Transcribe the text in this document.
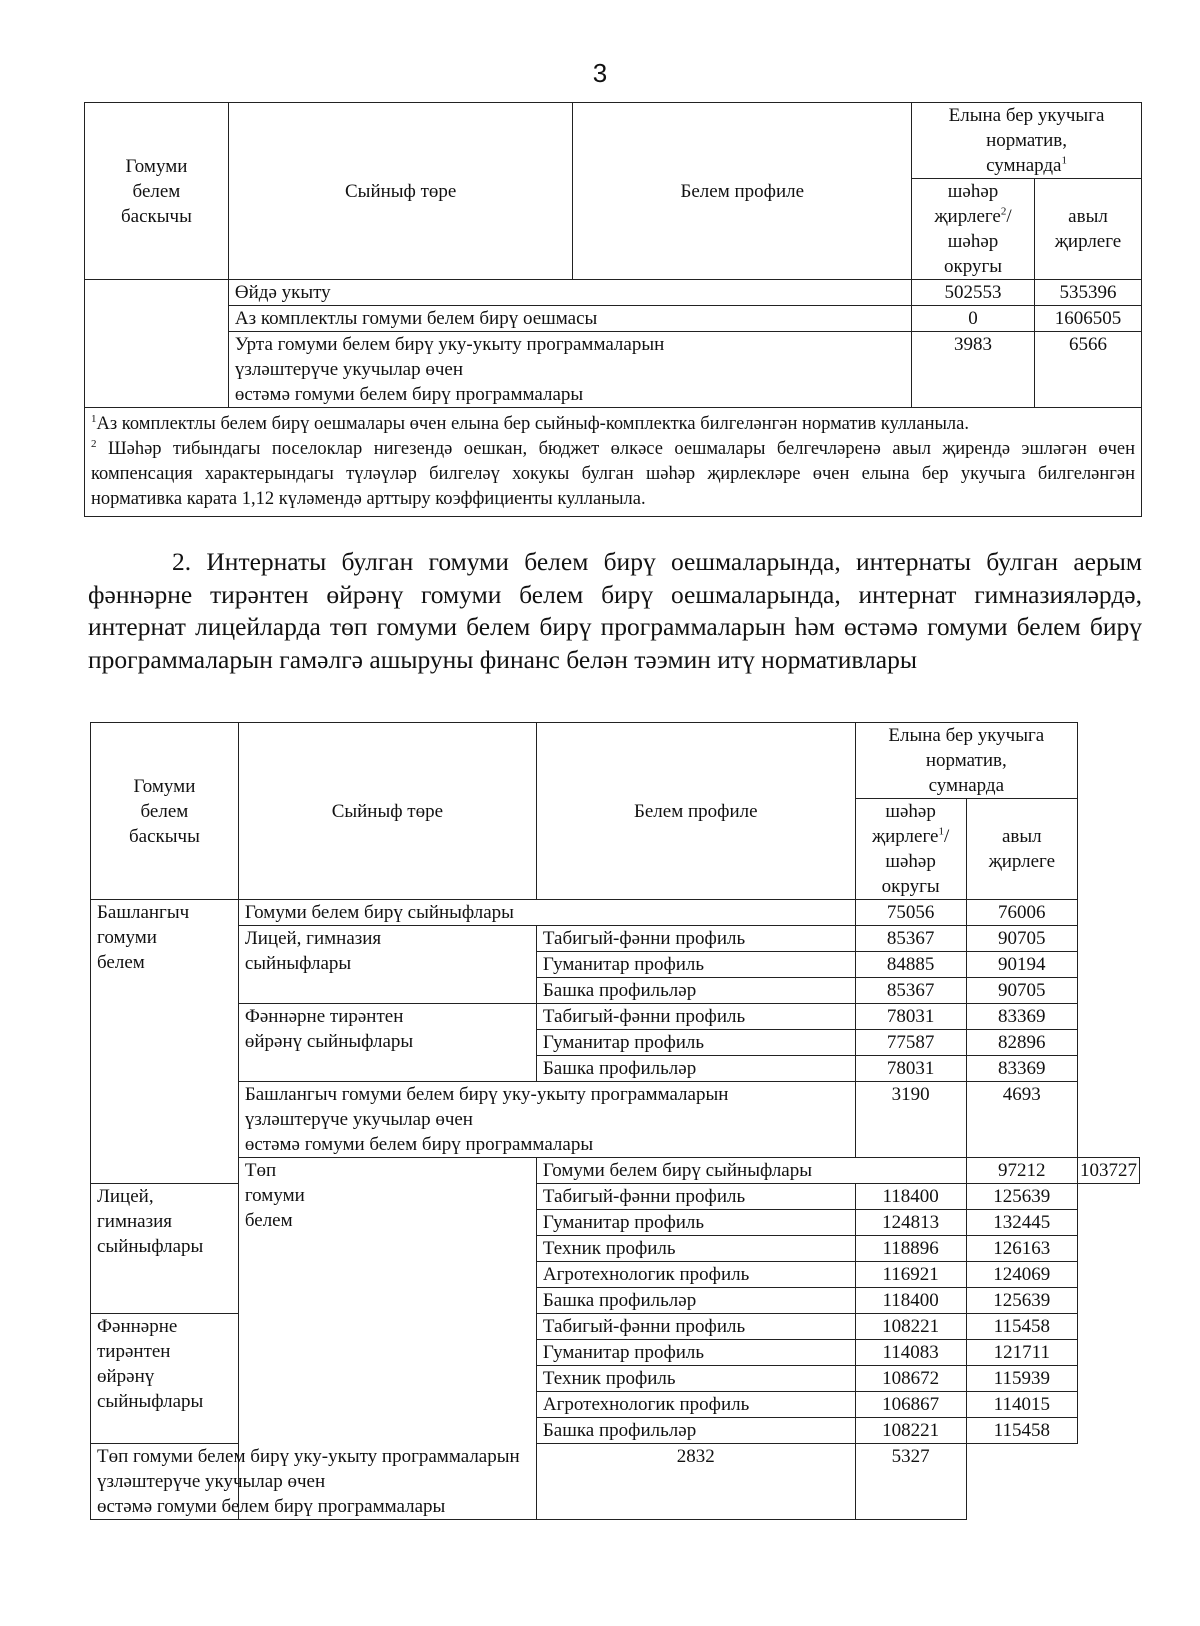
3
Гомуми
белем
баскычы	Сыйныф төре	Белем профиле	Елына бер укучыга
норматив,
сумнарда$^1$
			шәһәр
җирлеге$^2$/
шәһәр
округы	авыл
җирлеге
	Өйдә укыту		502553	535396
	Аз комплектлы гомуми белем бирү оешмасы		0	1606505
	Урта гомуми белем бирү уку-укыту программаларын
үзләштерүче укучылар өчен
өстәмә гомуми белем бирү программалары		3983	6566
$^1$Аз комплектлы белем бирү оешмалары өчен елына бер сыйныф-комплектка билгеләнгән норматив кулланыла.
$^2$ Шәһәр тибындагы поселоклар нигезендә оешкан, бюджет өлкәсе оешмалары белгечләренә авыл җирендә эшләгән өчен компенсация характерындагы түләүләр билгеләү хокукы булган шәһәр җирлекләре өчен елына бер укучыга билгеләнгән нормативка карата 1,12 күләмендә арттыру коэффициенты кулланыла.				
2. Интернаты булган гомуми белем бирү оешмаларында, интернаты булган аерым фәннәрне тирәнтен өйрәнү гомуми белем бирү оешмаларында, интернат гимназияләрдә, интернат лицейларда төп гомуми белем бирү программаларын һәм өстәмә гомуми белем бирү программаларын гамәлгә ашыруны финанс белән тәэмин итү нормативлары
Гомуми
белем
баскычы	Сыйныф төре	Белем профиле	Елына бер укучыга
норматив,
сумнарда		
			шәһәр
җирлеге$^1$/
шәһәр
округы	авыл
җирлеге	
Башлангыч
гомуми
белем	Гомуми белем бирү сыйныфлары		75056	76006	
	Лицей, гимназия
сыйныфлары	Табигый-фәнни профиль	85367	90705	
		Гуманитар профиль	84885	90194	
		Башка профильләр	85367	90705	
	Фәннәрне тирәнтен
өйрәнү сыйныфлары	Табигый-фәнни профиль	78031	83369	
		Гуманитар профиль	77587	82896	
		Башка профильләр	78031	83369	
	Башлангыч гомуми белем бирү уку-укыту программаларын
үзләштерүче укучылар өчен
өстәмә гомуми белем бирү программалары		3190	4693	
	Төп
гомуми
белем	Гомуми белем бирү сыйныфлары		97212	103727
Лицей, гимназия
сыйныфлары		Табигый-фәнни профиль	118400	125639	
		Гуманитар профиль	124813	132445	
		Техник профиль	118896	126163	
		Агротехнологик профиль	116921	124069	
		Башка профильләр	118400	125639	
Фәннәрне тирәнтен
өйрәнү сыйныфлары		Табигый-фәнни профиль	108221	115458	
		Гуманитар профиль	114083	121711	
		Техник профиль	108672	115939	
		Агротехнологик профиль	106867	114015	
		Башка профильләр	108221	115458	
Төп гомуми белем бирү уку-укыту программаларын
үзләштерүче укучылар өчен
өстәмә гомуми белем бирү программалары		2832	5327		
